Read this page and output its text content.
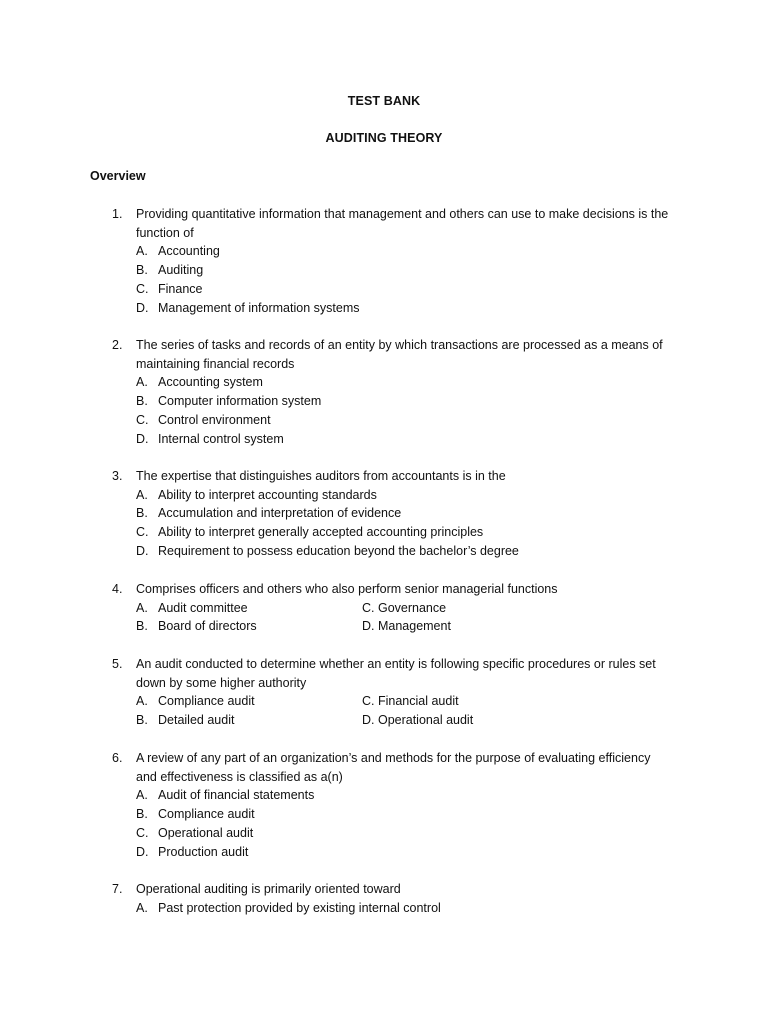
TEST BANK
AUDITING THEORY
Overview
1.	Providing quantitative information that management and others can use to make decisions is the
function of
A. Accounting
B. Auditing
C. Finance
D. Management of information systems
2.	The series of tasks and records of an entity by which transactions are processed as a means of
maintaining financial records
A. Accounting system
B. Computer information system
C. Control environment
D. Internal control system
3.	The expertise that distinguishes auditors from accountants is in the
A. Ability to interpret accounting standards
B. Accumulation and interpretation of evidence
C. Ability to interpret generally accepted accounting principles
D. Requirement to possess education beyond the bachelor’s degree
4.	Comprises officers and others who also perform senior managerial functions
A. Audit committee	C. Governance
B. Board of directors	D. Management
5.	An audit conducted to determine whether an entity is following specific procedures or rules set
down by some higher authority
A. Compliance audit	C. Financial audit
B. Detailed audit	D. Operational audit
6.	A review of any part of an organization’s and methods for the purpose of evaluating efficiency
and effectiveness is classified as a(n)
A. Audit of financial statements
B. Compliance audit
C. Operational audit
D. Production audit
7.	Operational auditing is primarily oriented toward
A. Past protection provided by existing internal control
